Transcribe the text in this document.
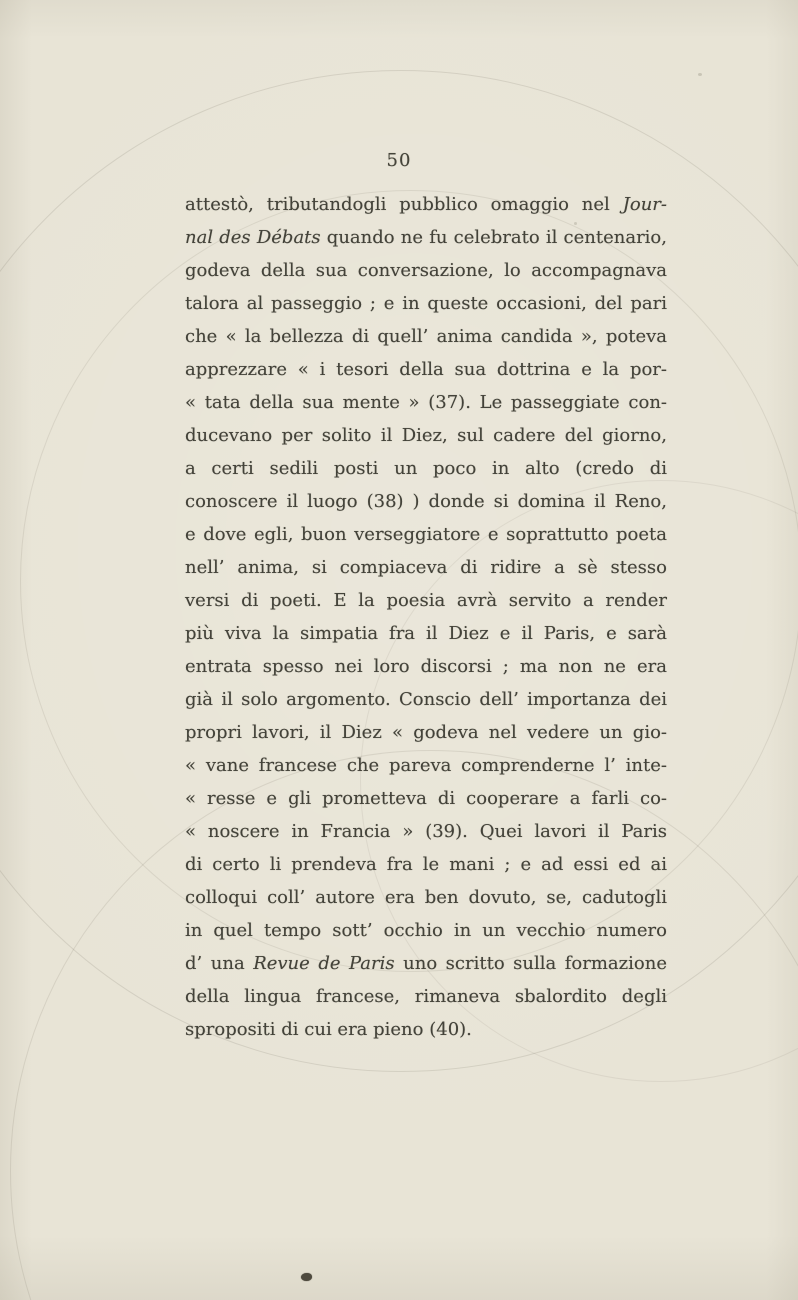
50
attestò, tributandogli pubblico omaggio nel Jour-
nal des Débats quando ne fu celebrato il centenario,
godeva della sua conversazione, lo accompagnava
talora al passeggio ; e in queste occasioni, del pari
che « la bellezza di quell’ anima candida », poteva
apprezzare « i tesori della sua dottrina e la por-
« tata della sua mente » (37). Le passeggiate con-
ducevano per solito il Diez, sul cadere del giorno,
a certi sedili posti un poco in alto (credo di
conoscere il luogo (38) ) donde si domina il Reno,
e dove egli, buon verseggiatore e soprattutto poeta
nell’ anima, si compiaceva di ridire a sè stesso
versi di poeti. E la poesia avrà servito a render
più viva la simpatia fra il Diez e il Paris, e sarà
entrata spesso nei loro discorsi ; ma non ne era
già il solo argomento. Conscio dell’ importanza dei
propri lavori, il Diez « godeva nel vedere un gio-
« vane francese che pareva comprenderne l’ inte-
« resse e gli prometteva di cooperare a farli co-
« noscere in Francia » (39). Quei lavori il Paris
di certo li prendeva fra le mani ; e ad essi ed ai
colloqui coll’ autore era ben dovuto, se, cadutogli
in quel tempo sott’ occhio in un vecchio numero
d’ una Revue de Paris uno scritto sulla formazione
della lingua francese, rimaneva sbalordito degli
spropositi di cui era pieno (40).
